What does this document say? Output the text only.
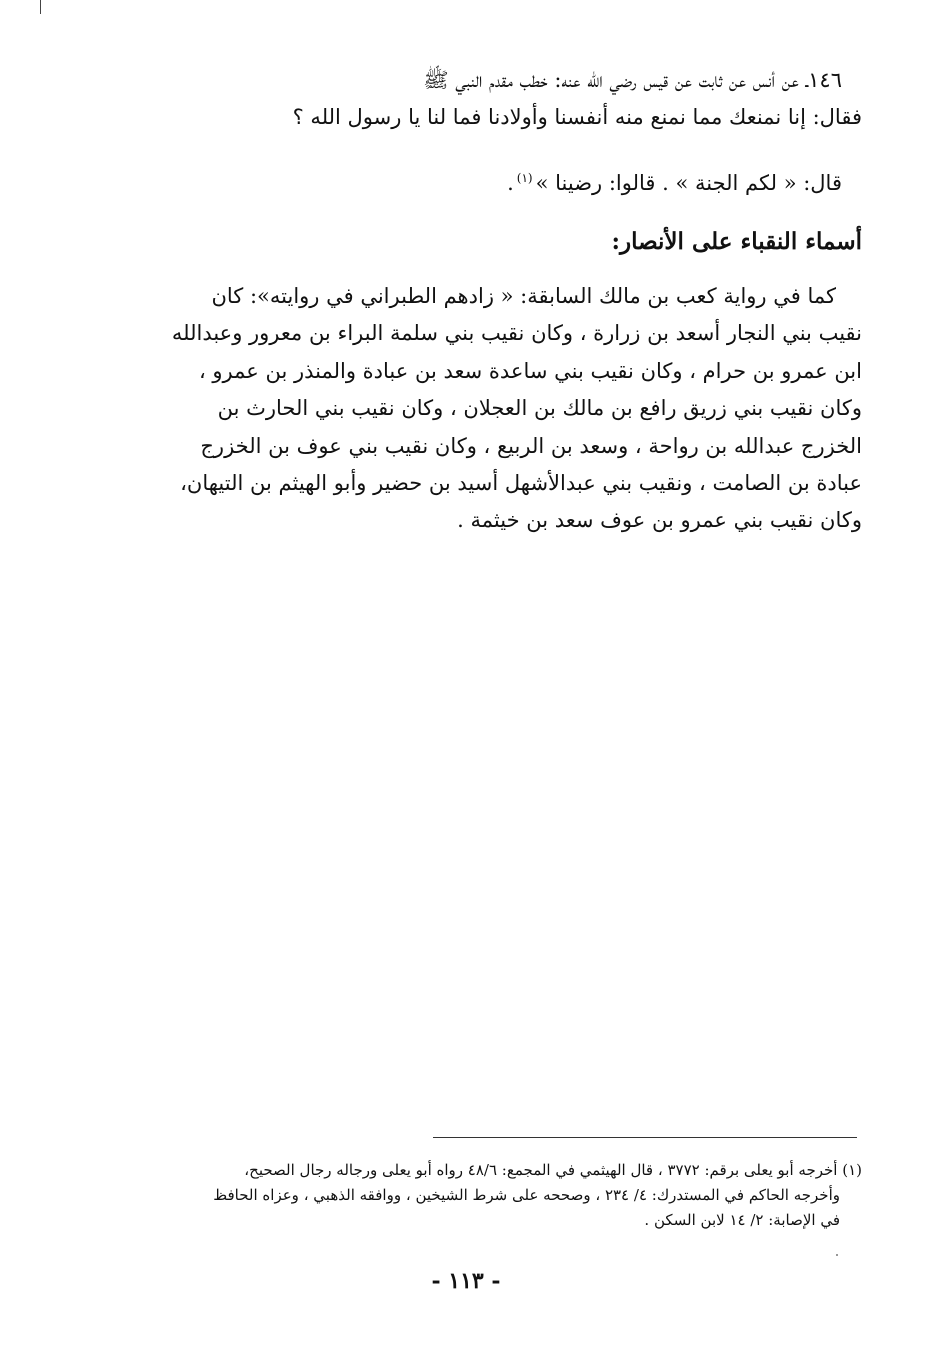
١٤٦ـ عن أنس عن ثابت عن قيس رضي الله عنه: خطب مقدم النبي ﷺ
فقال: إنا نمنعك مما نمنع منه أنفسنا وأولادنا فما لنا يا رسول الله ؟
قال: « لكم الجنة » . قالوا: رضينا »$^{(١)}$.
أسماء النقباء على الأنصار:
كما في رواية كعب بن مالك السابقة: « زادهم الطبراني في روايته»: كان
نقيب بني النجار أسعد بن زرارة ، وكان نقيب بني سلمة البراء بن معرور وعبدالله
ابن عمرو بن حرام ، وكان نقيب بني ساعدة سعد بن عبادة والمنذر بن عمرو ،
وكان نقيب بني زريق رافع بن مالك بن العجلان ، وكان نقيب بني الحارث بن
الخزرج عبدالله بن رواحة ، وسعد بن الربيع ، وكان نقيب بني عوف بن الخزرج
عبادة بن الصامت ، ونقيب بني عبدالأشهل أسيد بن حضير وأبو الهيثم بن التيهان،
وكان نقيب بني عمرو بن عوف سعد بن خيثمة .
(١) أخرجه أبو يعلى برقم: ٣٧٧٢ ، قال الهيثمي في المجمع: ٤٨/٦ رواه أبو يعلى ورجاله رجال الصحيح،
وأخرجه الحاكم في المستدرك: ٤/ ٢٣٤ ، وصححه على شرط الشيخين ، ووافقه الذهبي ، وعزاه الحافظ
في الإصابة: ٢/ ١٤ لابن السكن .
- ١١٣ -
